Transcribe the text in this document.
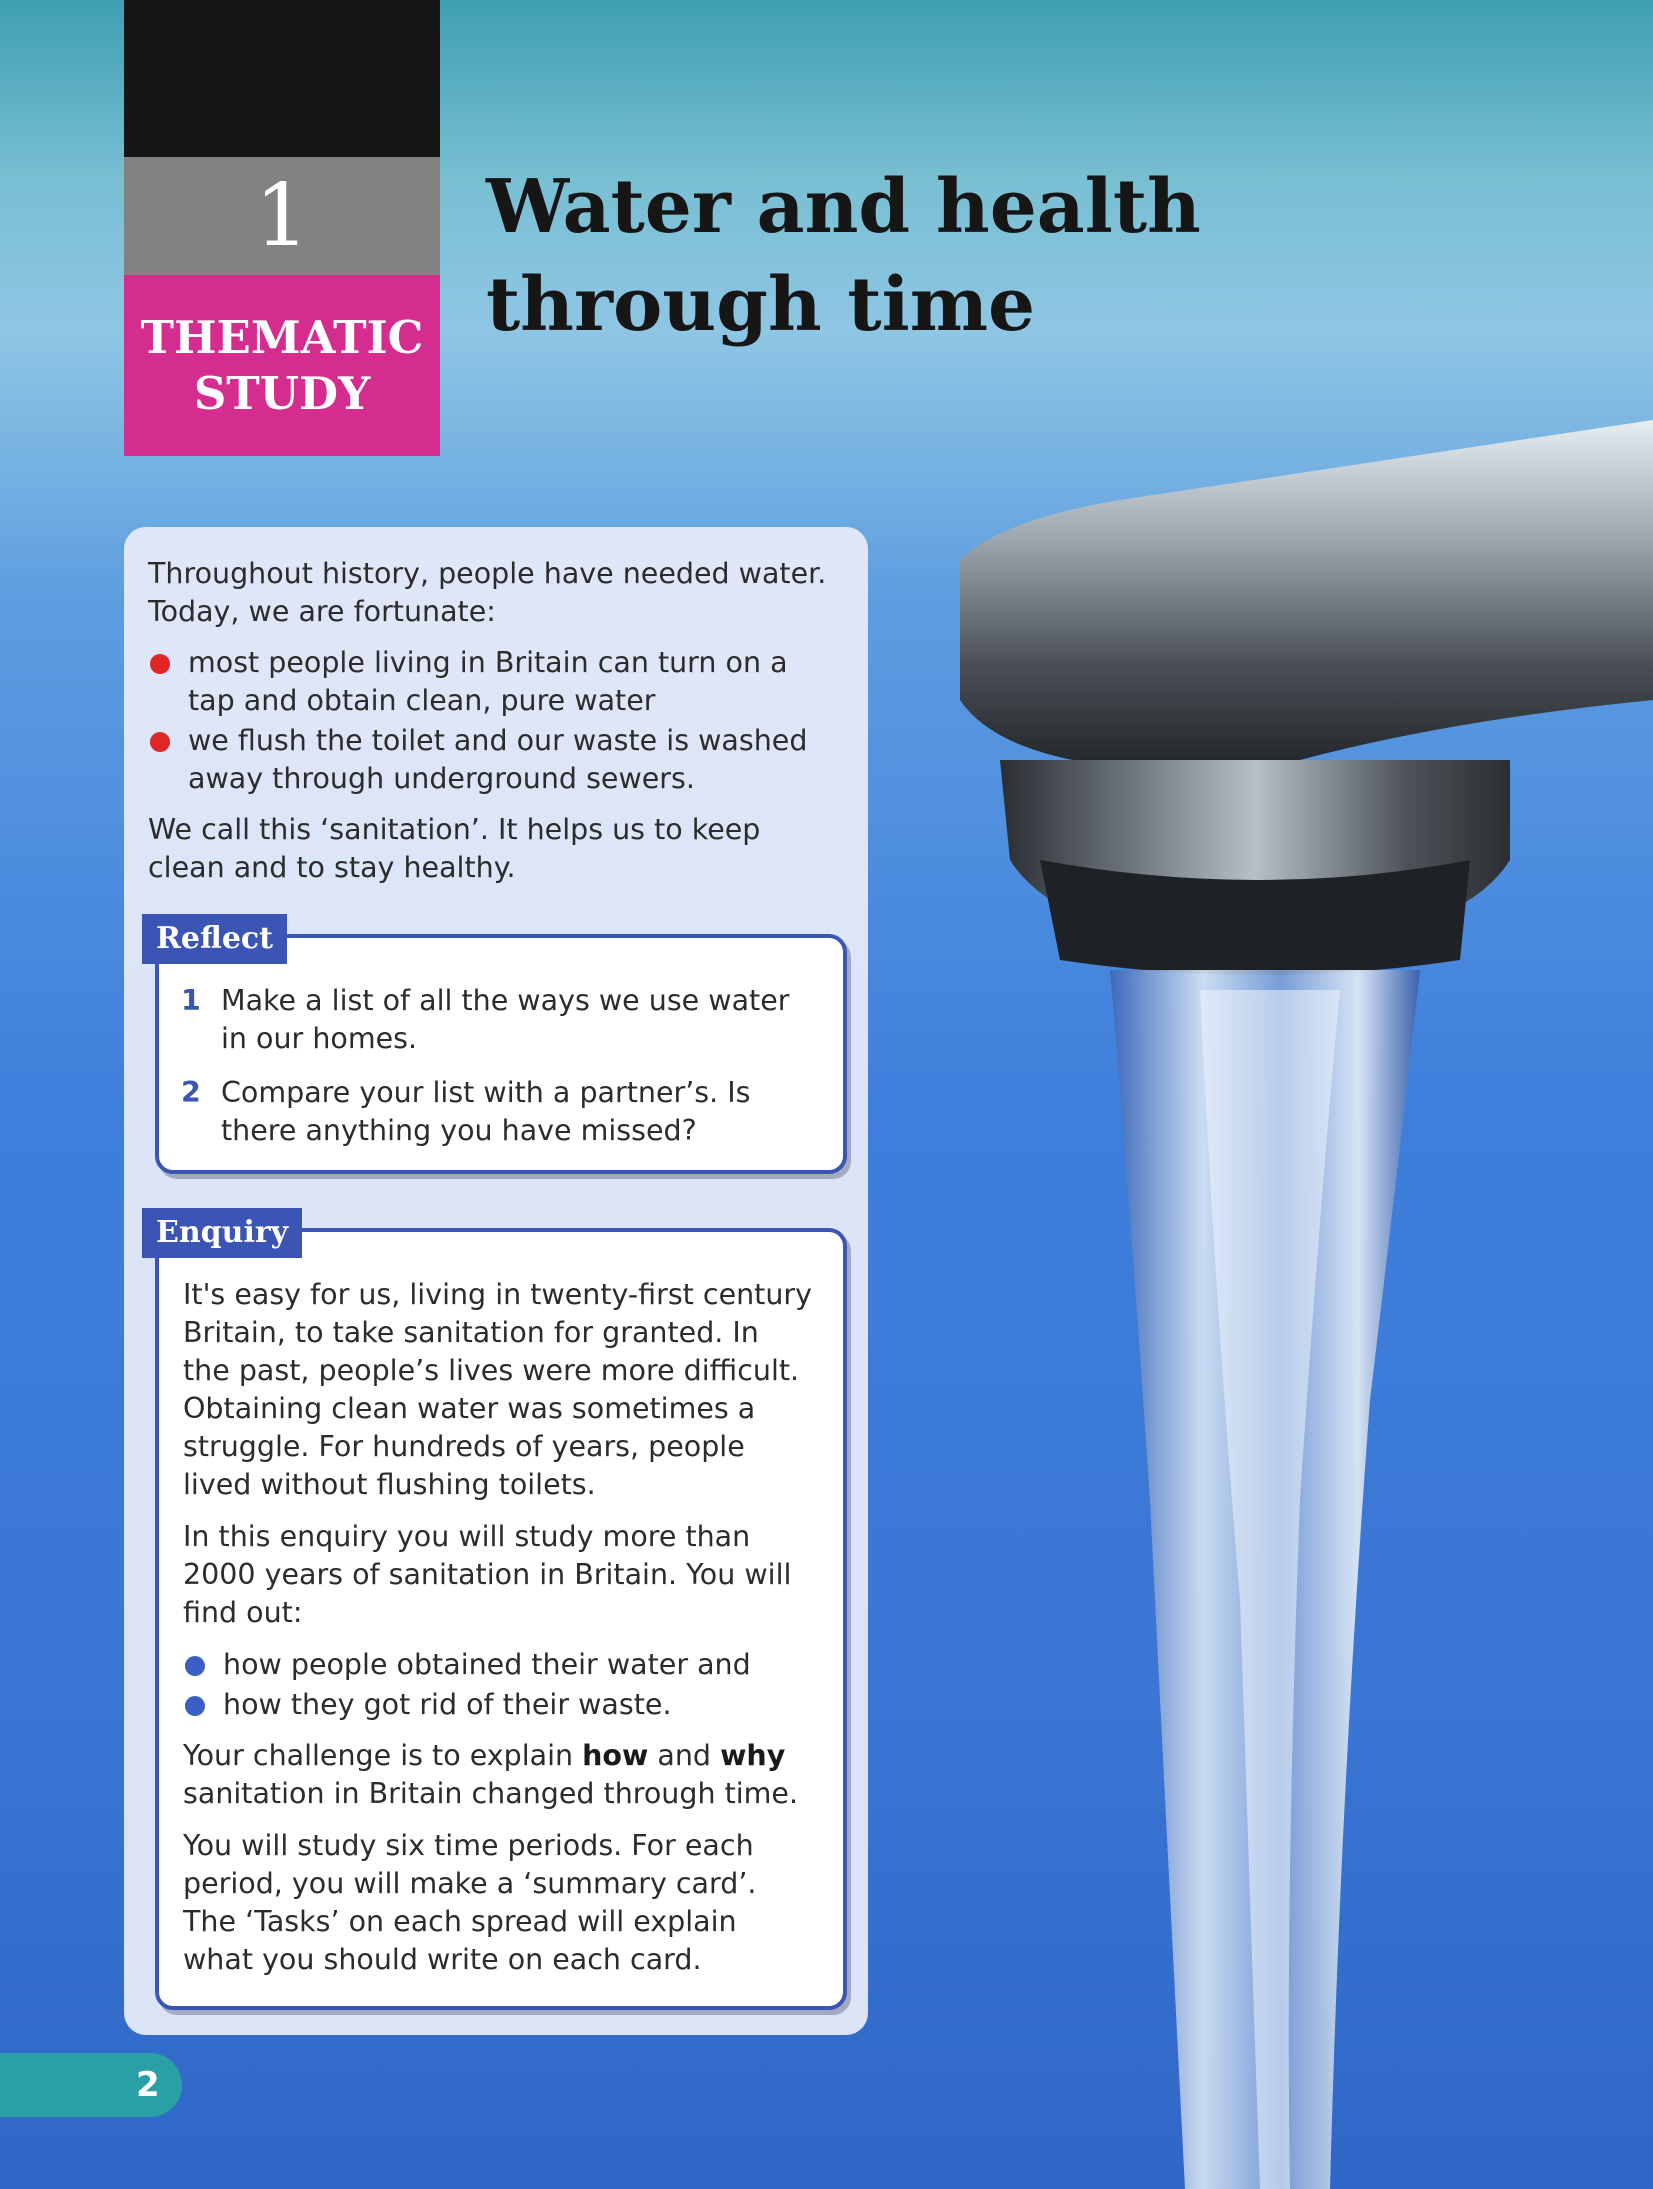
1
THEMATIC
STUDY
Water and health
through time

Throughout history, people have needed water. Today, we are fortunate:

most people living in Britain can turn on a tap and obtain clean, pure water
we flush the toilet and our waste is washed away through underground sewers.

We call this ‘sanitation’. It helps us to keep clean and to stay healthy.

1 Make a list of all the ways we use water in our homes.
2 Compare your list with a partner’s. Is there anything you have missed?
Reflect

It's easy for us, living in twenty-first century Britain, to take sanitation for granted. In the past, people’s lives were more difficult. Obtaining clean water was sometimes a struggle. For hundreds of years, people lived without flushing toilets.

In this enquiry you will study more than 2000 years of sanitation in Britain. You will find out:

how people obtained their water and
how they got rid of their waste.

Your challenge is to explain how and why sanitation in Britain changed through time.

You will study six time periods. For each period, you will make a ‘summary card’. The ‘Tasks’ on each spread will explain what you should write on each card.

Enquiry
2
